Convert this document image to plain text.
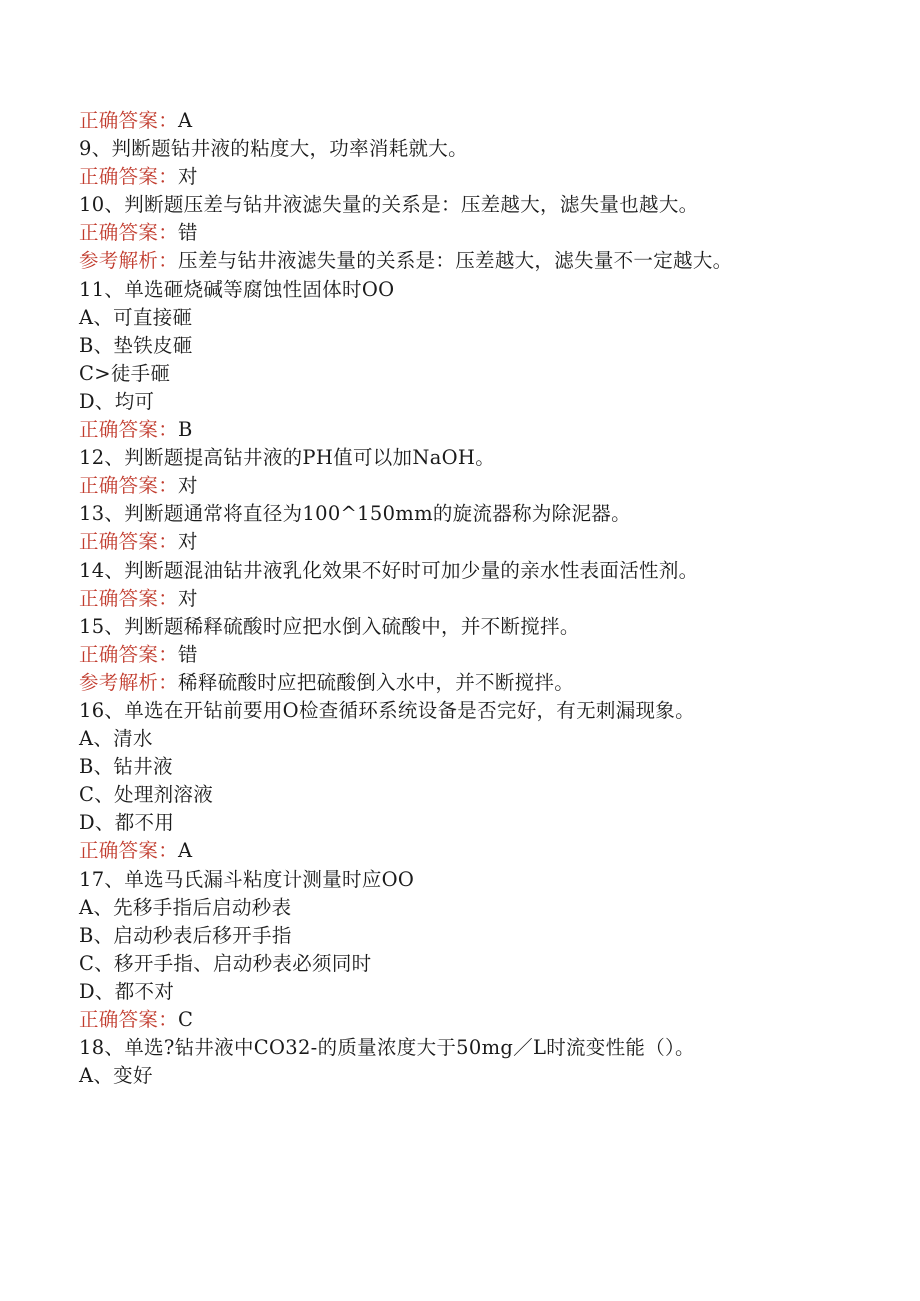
正确答案：A
9、判断题钻井液的粘度大，功率消耗就大。
正确答案：对
10、判断题压差与钻井液滤失量的关系是：压差越大，滤失量也越大。
正确答案：错
参考解析：压差与钻井液滤失量的关系是：压差越大，滤失量不一定越大。
11、单选砸烧碱等腐蚀性固体时OO
A、可直接砸
B、垫铁皮砸
C>徒手砸
D、均可
正确答案：B
12、判断题提高钻井液的PH值可以加NaOH。
正确答案：对
13、判断题通常将直径为100^150mm的旋流器称为除泥器。
正确答案：对
14、判断题混油钻井液乳化效果不好时可加少量的亲水性表面活性剂。
正确答案：对
15、判断题稀释硫酸时应把水倒入硫酸中，并不断搅拌。
正确答案：错
参考解析：稀释硫酸时应把硫酸倒入水中，并不断搅拌。
16、单选在开钻前要用O检查循环系统设备是否完好，有无刺漏现象。
A、清水
B、钻井液
C、处理剂溶液
D、都不用
正确答案：A
17、单选马氏漏斗粘度计测量时应OO
A、先移手指后启动秒表
B、启动秒表后移开手指
C、移开手指、启动秒表必须同时
D、都不对
正确答案：C
18、单选?钻井液中CO32-的质量浓度大于50mg／L时流变性能（）。
A、变好
